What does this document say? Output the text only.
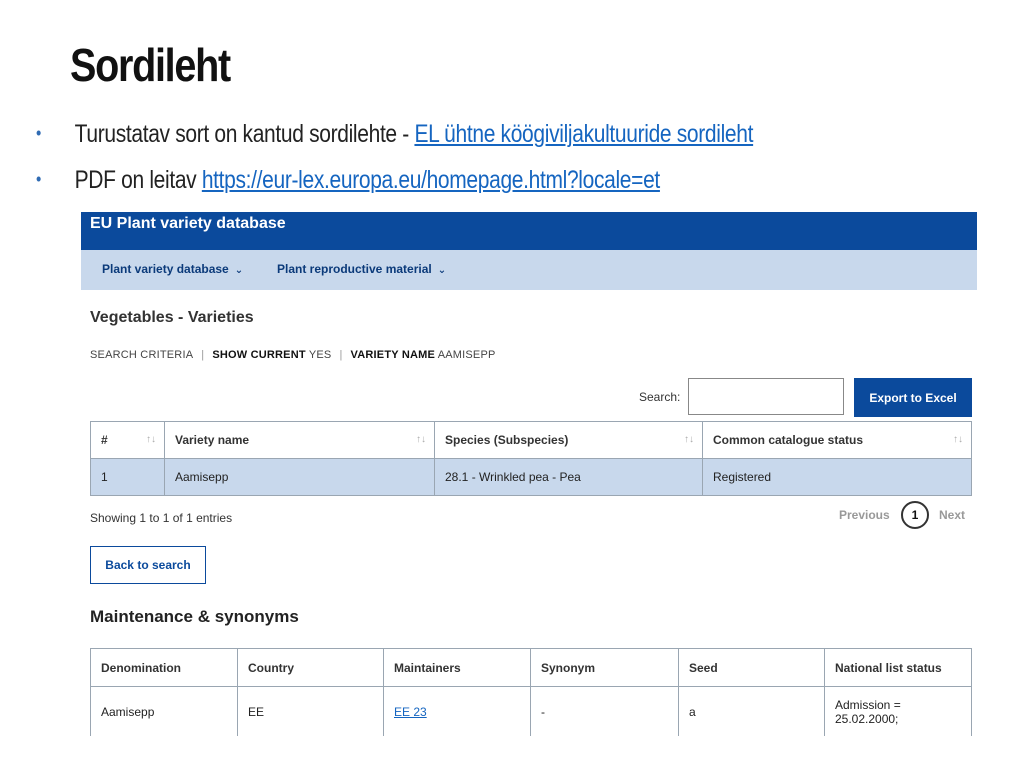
Sordileht
• Turustatav sort on kantud sordilehte - EL ühtne köögiviljakultuuride sordileht
• PDF on leitav https://eur-lex.europa.eu/homepage.html?locale=et
EU Plant variety database
Plant variety database ⌄	Plant reproductive material ⌄
Vegetables - Varieties
SEARCH CRITERIA | SHOW CURRENT YES | VARIETY NAME AAMISEPP
Search:	Export to Excel
# ↑↓	Variety name ↑↓	Species (Subspecies) ↑↓	Common catalogue status ↑↓

1	Aamisepp	28.1 - Wrinkled pea - Pea	Registered
Showing 1 to 1 of 1 entries	Previous	1	Next
Back to search
Maintenance & synonyms
Denomination	Country	Maintainers	Synonym	Seed	National list status
Aamisepp	EE	EE 23	-	a	Admission = 25.02.2000;
